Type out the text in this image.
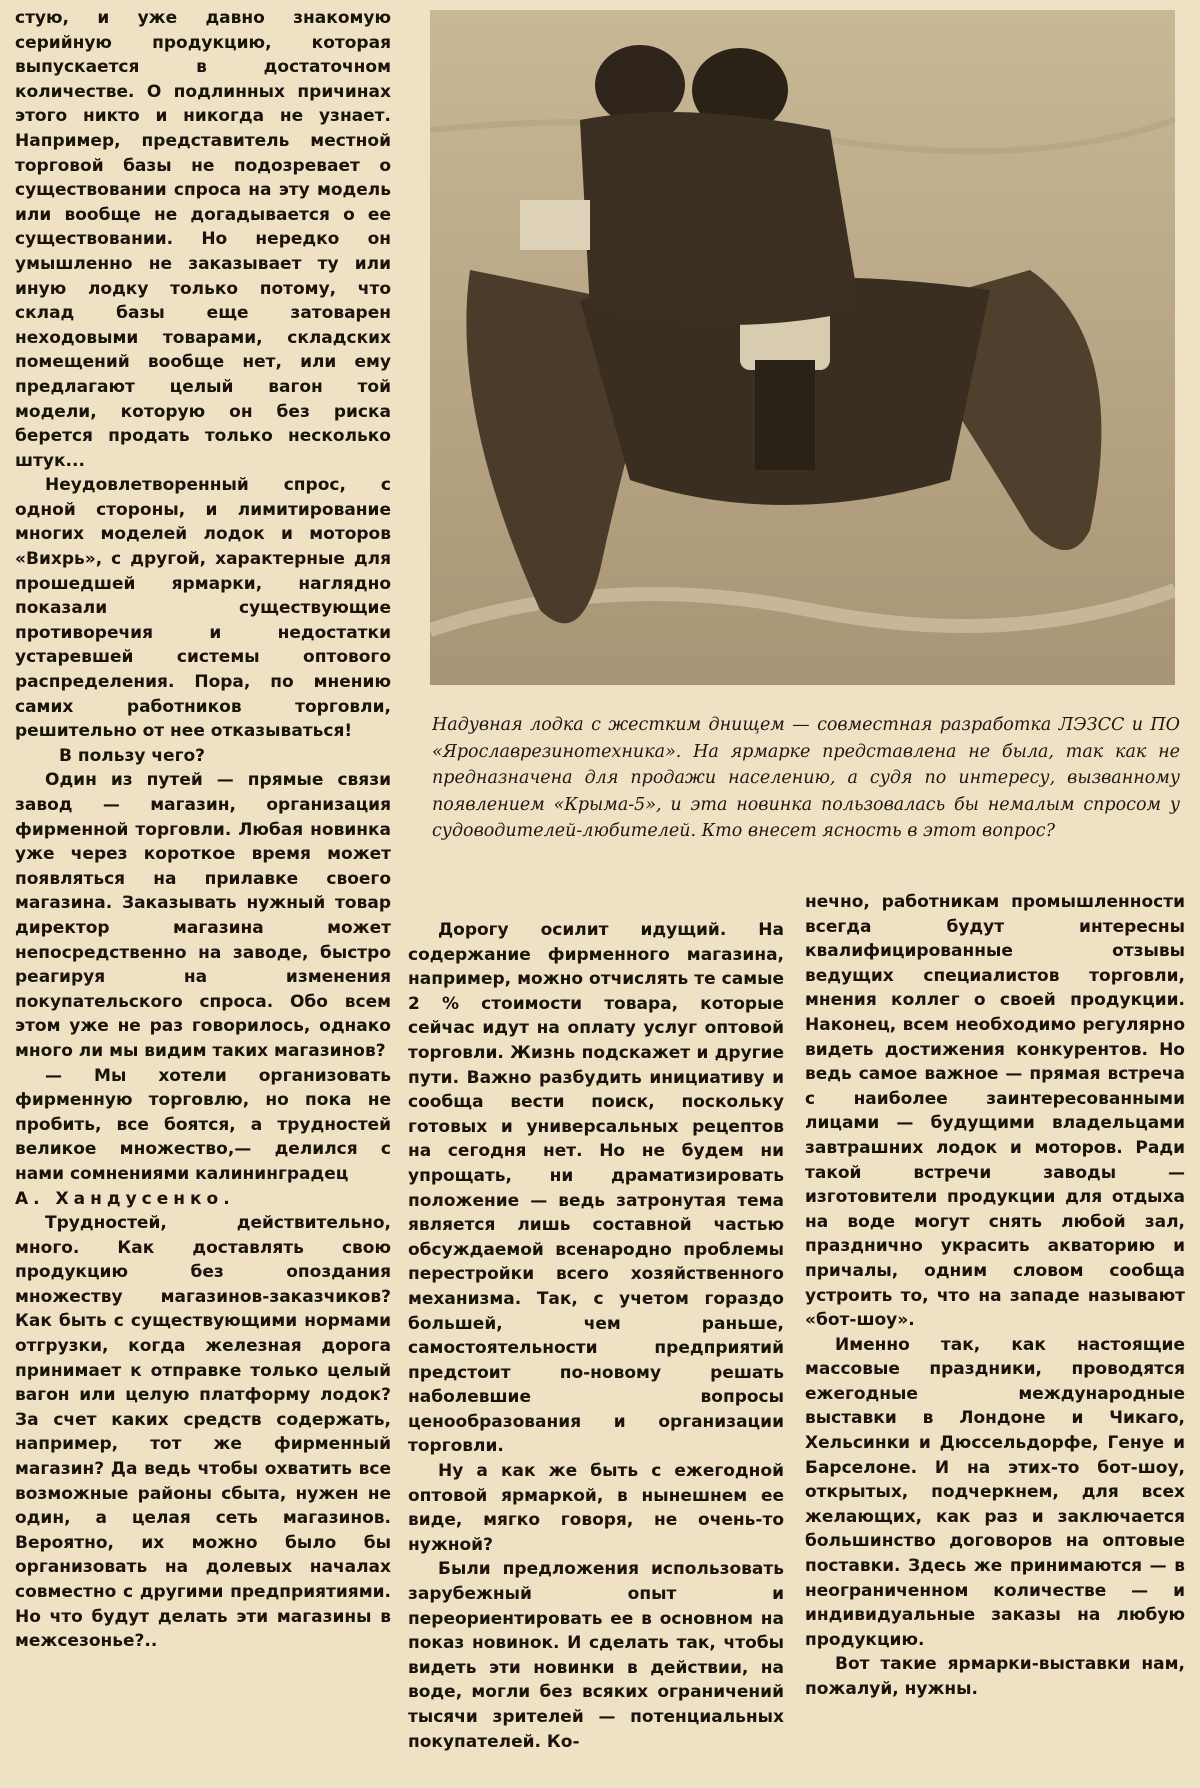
стую, и уже давно знакомую серийную продукцию, которая выпускается в достаточном количестве. О подлинных причинах этого никто и никогда не узнает. Например, представитель местной торговой базы не подозревает о существовании спроса на эту модель или вообще не догадывается о ее существовании. Но нередко он умышленно не заказывает ту или иную лодку только потому, что склад базы еще затоварен неходовыми товарами, складских помещений вообще нет, или ему предлагают целый вагон той модели, которую он без риска берется продать только несколько штук...

Неудовлетворенный спрос, с одной стороны, и лимитирование многих моделей лодок и моторов «Вихрь», с другой, характерные для прошедшей ярмарки, наглядно показали существующие противоречия и недостатки устаревшей системы оптового распределения. Пора, по мнению самих работников торговли, решительно от нее отказываться!

В пользу чего?

Один из путей — прямые связи завод — магазин, организация фирменной торговли. Любая новинка уже через короткое время может появляться на прилавке своего магазина. Заказывать нужный товар директор магазина может непосредственно на заводе, быстро реагируя на изменения покупательского спроса. Обо всем этом уже не раз говорилось, однако много ли мы видим таких магазинов?

— Мы хотели организовать фирменную торговлю, но пока не пробить, все боятся, а трудностей великое множество,— делился с нами сомнениями калининградец

А. Хандусенко.

Трудностей, действительно, много. Как доставлять свою продукцию без опоздания множеству магазинов-заказчиков? Как быть с существующими нормами отгрузки, когда железная дорога принимает к отправке только целый вагон или целую платформу лодок? За счет каких средств содержать, например, тот же фирменный магазин? Да ведь чтобы охватить все возможные районы сбыта, нужен не один, а целая сеть магазинов. Вероятно, их можно было бы организовать на долевых началах совместно с другими предприятиями. Но что будут делать эти магазины в межсезонье?..

Надувная лодка с жестким днищем — совместная разработка ЛЭЗСС и ПО «Ярославрезинотехника». На ярмарке представлена не была, так как не предназначена для продажи населению, а судя по интересу, вызванному появлением «Крыма-5», и эта новинка пользовалась бы немалым спросом у судоводителей-любителей. Кто внесет ясность в этот вопрос?

Дорогу осилит идущий. На содержание фирменного магазина, например, можно отчислять те самые 2 % стоимости товара, которые сейчас идут на оплату услуг оптовой торговли. Жизнь подскажет и другие пути. Важно разбудить инициативу и сообща вести поиск, поскольку готовых и универсальных рецептов на сегодня нет. Но не будем ни упрощать, ни драматизировать положение — ведь затронутая тема является лишь составной частью обсуждаемой всенародно проблемы перестройки всего хозяйственного механизма. Так, с учетом гораздо большей, чем раньше, самостоятельности предприятий предстоит по-новому решать наболевшие вопросы ценообразования и организации торговли.

Ну а как же быть с ежегодной оптовой ярмаркой, в нынешнем ее виде, мягко говоря, не очень-то нужной?

Были предложения использовать зарубежный опыт и переориентировать ее в основном на показ новинок. И сделать так, чтобы видеть эти новинки в действии, на воде, могли без всяких ограничений тысячи зрителей — потенциальных покупателей. Ко-

нечно, работникам промышленности всегда будут интересны квалифицированные отзывы ведущих специалистов торговли, мнения коллег о своей продукции. Наконец, всем необходимо регулярно видеть достижения конкурентов. Но ведь самое важное — прямая встреча с наиболее заинтересованными лицами — будущими владельцами завтрашних лодок и моторов. Ради такой встречи заводы — изготовители продукции для отдыха на воде могут снять любой зал, празднично украсить акваторию и причалы, одним словом сообща устроить то, что на западе называют «бот-шоу».

Именно так, как настоящие массовые праздники, проводятся ежегодные международные выставки в Лондоне и Чикаго, Хельсинки и Дюссельдорфе, Генуе и Барселоне. И на этих-то бот-шоу, открытых, подчеркнем, для всех желающих, как раз и заключается большинство договоров на оптовые поставки. Здесь же принимаются — в неограниченном количестве — и индивидуальные заказы на любую продукцию.

Вот такие ярмарки-выставки нам, пожалуй, нужны.
